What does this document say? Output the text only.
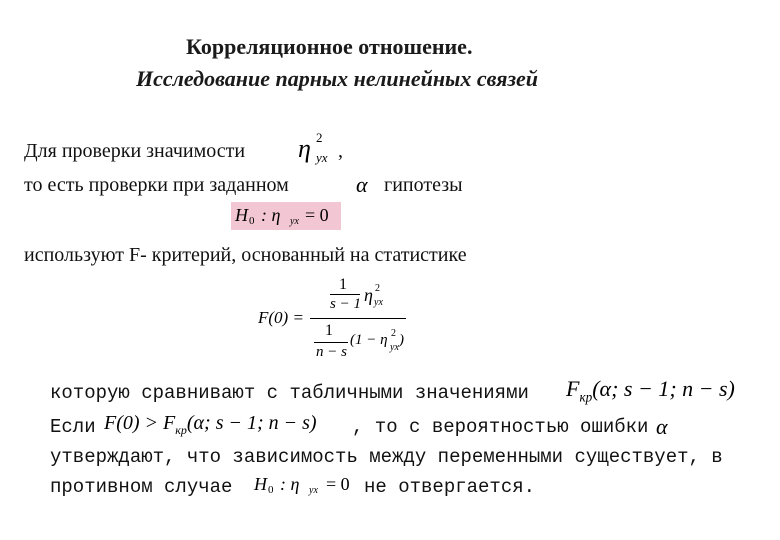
Корреляционное отношение.
Исследование парных нелинейных связей
Для проверки значимости η 2
yx ,
то есть проверки при заданном	α гипотезы
H 0 : η yx = 0
используют F- критерий, основанный на статистике
F(0) =
1
s − 1 η 2
yx
1
n − s
(1 − η 2
yx )
которую сравнивают с табличными значениями $F_{кр}(\alpha$; s − 1; n − s)
Если $F(0) > F_{кр}(\alpha$; s − 1; n − s) , то с вероятностью ошибки α
утверждают, что зависимость между переменными существует, в
противном случае H 0 : η yx = 0 не отвергается.
